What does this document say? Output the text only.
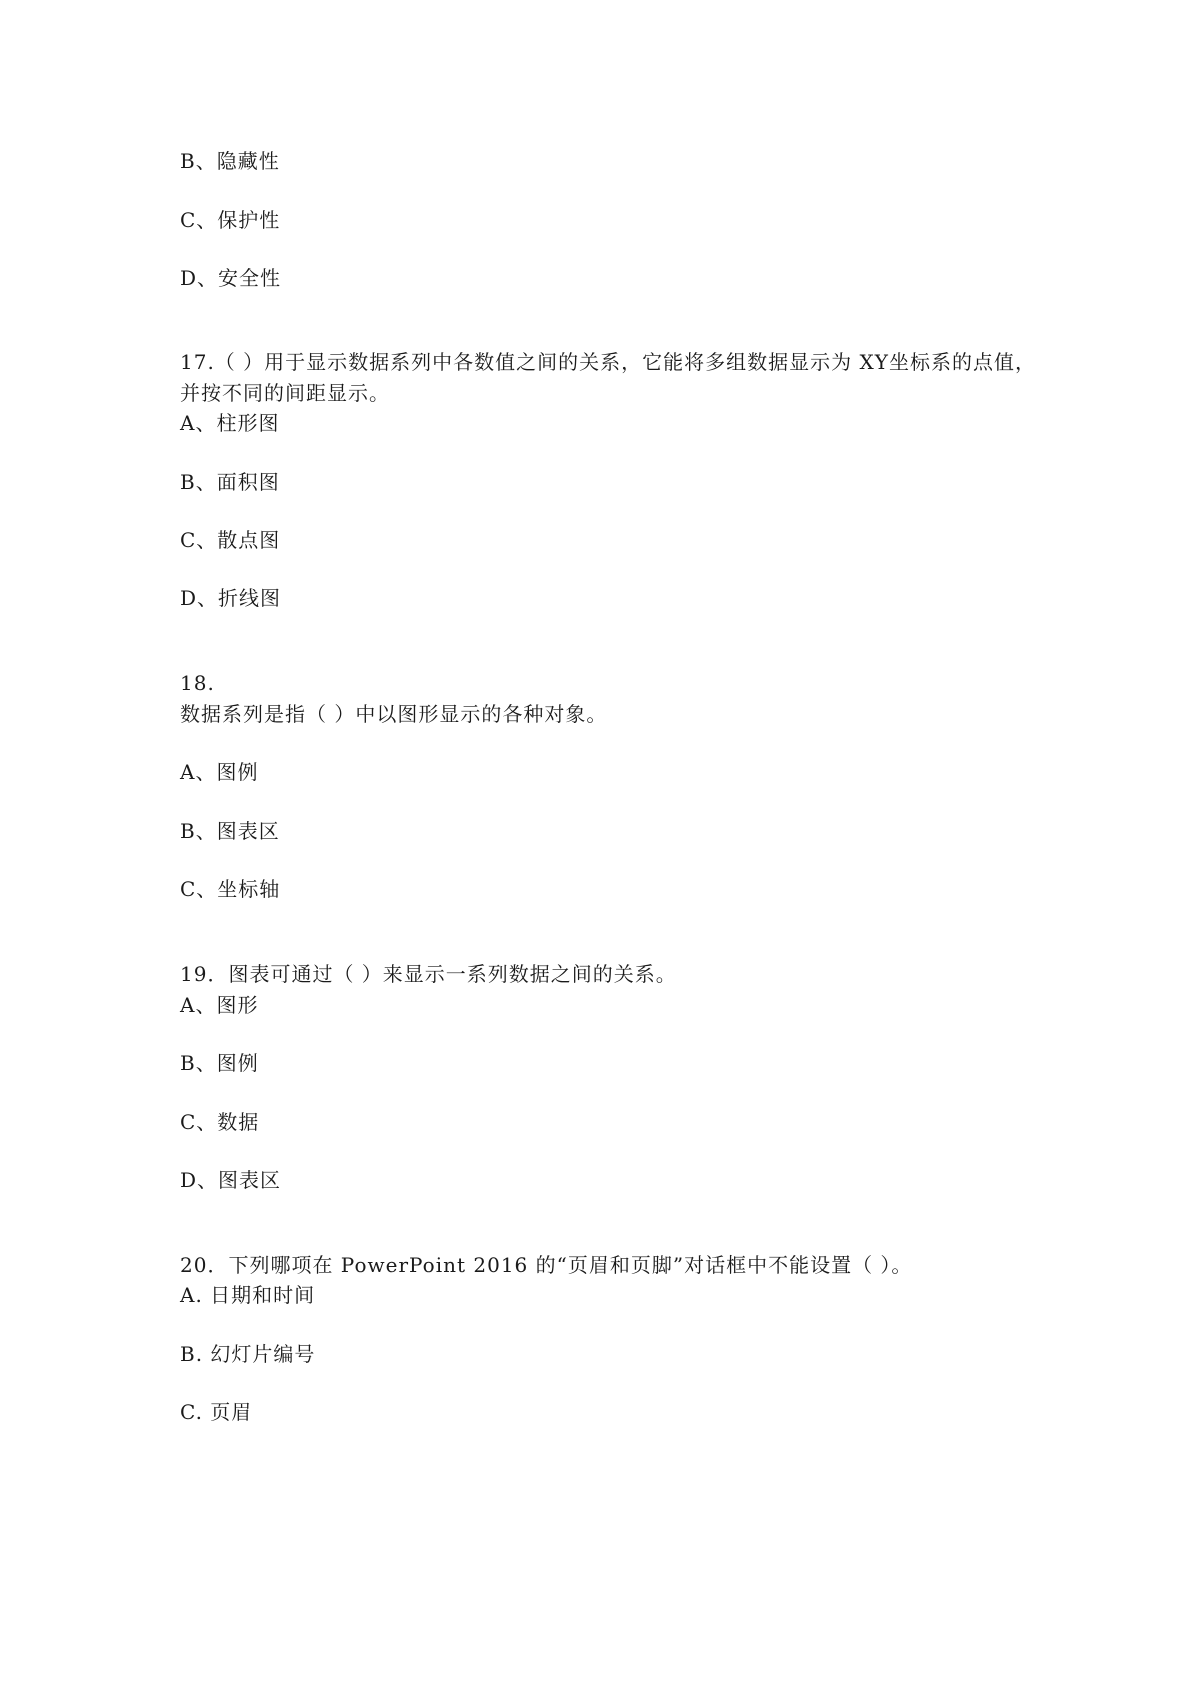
B、隐藏性

C、保护性

D、安全性

17.（ ）用于显示数据系列中各数值之间的关系，它能将多组数据显示为 XY坐标系的点值，

并按不同的间距显示。

A、柱形图

B、面积图

C、散点图

D、折线图

18.

数据系列是指（ ）中以图形显示的各种对象。

A、图例

B、图表区

C、坐标轴

19．图表可通过（ ）来显示一系列数据之间的关系。

A、图形

B、图例

C、数据

D、图表区

20．下列哪项在 PowerPoint 2016 的“页眉和页脚”对话框中不能设置（ ）。

A. 日期和时间

B. 幻灯片编号

C. 页眉
